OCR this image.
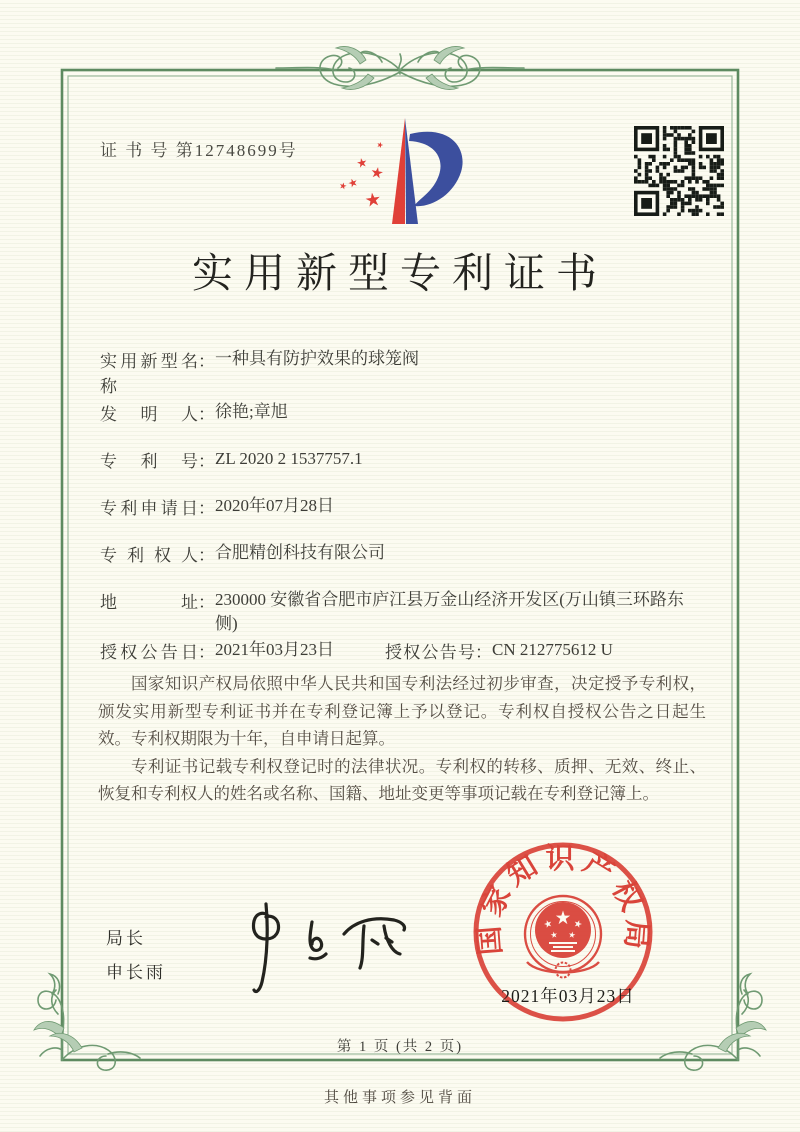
证 书 号 第12748699号
实用新型专利证书
实用新型名称：一种具有防护效果的球笼阀
发明人：徐艳;章旭
专利号：ZL 2020 2 1537757.1
专利申请日：2020年07月28日
专利权人：合肥精创科技有限公司
地址：230000 安徽省合肥市庐江县万金山经济开发区(万山镇三环路东侧)
授权公告日：2021年03月23日	授权公告号：CN 212775612 U

国家知识产权局依照中华人民共和国专利法经过初步审查，决定授予专利权，颁发实用新型专利证书并在专利登记簿上予以登记。专利权自授权公告之日起生效。专利权期限为十年，自申请日起算。

专利证书记载专利权登记时的法律状况。专利权的转移、质押、无效、终止、恢复和专利权人的姓名或名称、国籍、地址变更等事项记载在专利登记簿上。

局长
申长雨
国家知识产权局
2021年03月23日
第 1 页 (共 2 页)
其他事项参见背面
